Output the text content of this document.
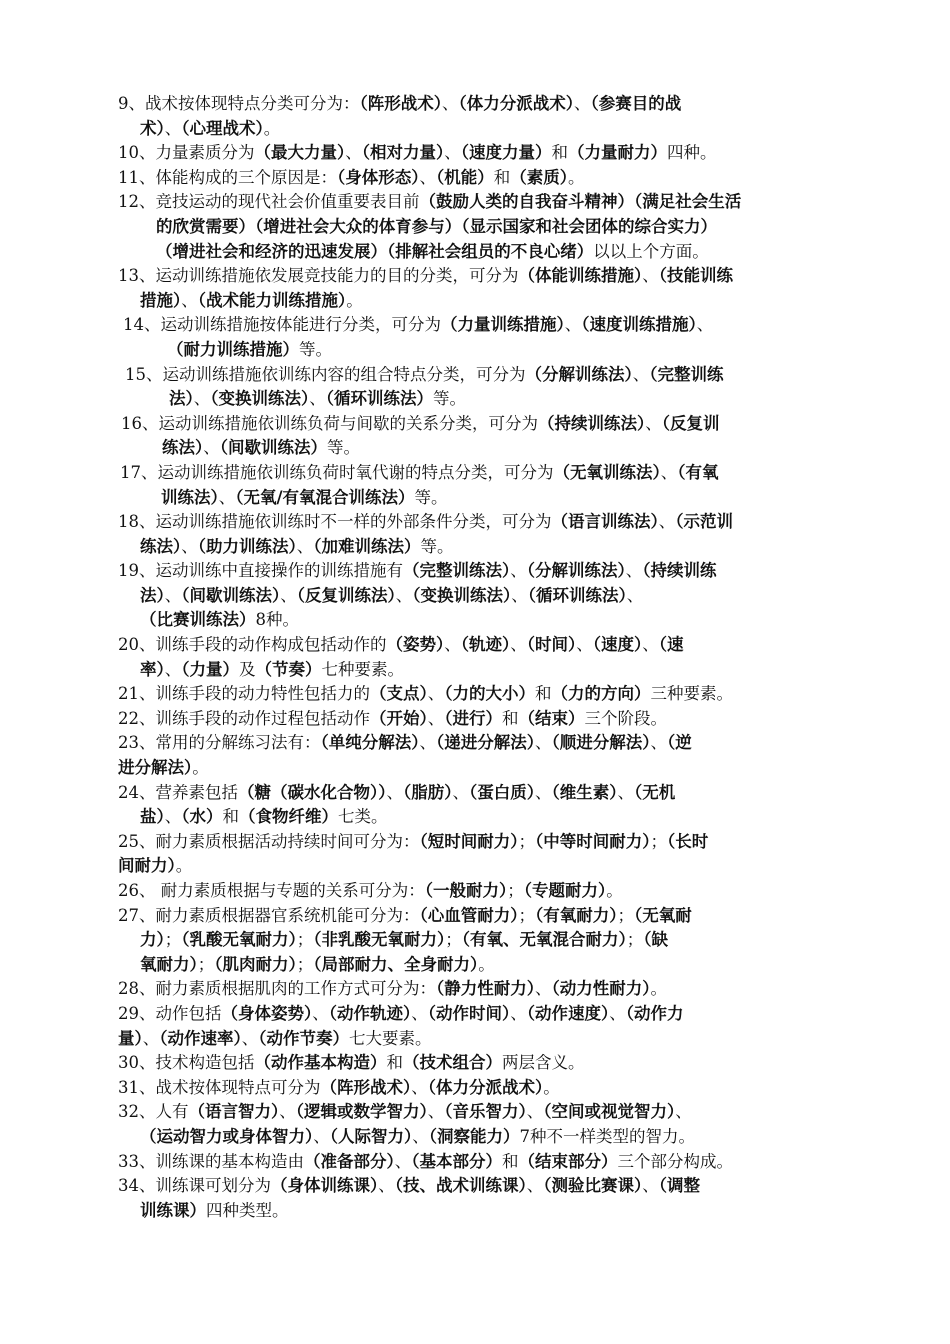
9、战术按体现特点分类可分为：（阵形战术）、（体力分派战术）、（参赛目的战
术）、（心理战术）。

10、力量素质分为（最大力量）、（相对力量）、（速度力量）和（力量耐力）四种。

11、体能构成的三个原因是：（身体形态）、（机能）和（素质）。

12、竞技运动的现代社会价值重要表目前（鼓励人类的自我奋斗精神）（满足社会生活
的欣赏需要）（增进社会大众的体育参与）（显示国家和社会团体的综合实力）
（增进社会和经济的迅速发展）（排解社会组员的不良心绪）以以上个方面。

13、运动训练措施依发展竞技能力的目的分类，可分为（体能训练措施）、（技能训练
措施）、（战术能力训练措施）。

14、运动训练措施按体能进行分类，可分为（力量训练措施）、（速度训练措施）、
（耐力训练措施）等。

15、运动训练措施依训练内容的组合特点分类，可分为（分解训练法）、（完整训练
法）、（变换训练法）、（循环训练法）等。

16、运动训练措施依训练负荷与间歇的关系分类，可分为（持续训练法）、（反复训
练法）、（间歇训练法）等。

17、运动训练措施依训练负荷时氧代谢的特点分类，可分为（无氧训练法）、（有氧
训练法）、（无氧/有氧混合训练法）等。

18、运动训练措施依训练时不一样的外部条件分类，可分为（语言训练法）、（示范训
练法）、（助力训练法）、（加难训练法）等。

19、运动训练中直接操作的训练措施有（完整训练法）、（分解训练法）、（持续训练
法）、（间歇训练法）、（反复训练法）、（变换训练法）、（循环训练法）、
（比赛训练法）8种。

20、训练手段的动作构成包括动作的（姿势）、（轨迹）、（时间）、（速度）、（速
率）、（力量）及（节奏）七种要素。

21、训练手段的动力特性包括力的（支点）、（力的大小）和（力的方向）三种要素。

22、训练手段的动作过程包括动作（开始）、（进行）和（结束）三个阶段。

23、常用的分解练习法有：（单纯分解法）、（递进分解法）、（顺进分解法）、（逆
进分解法）。

24、营养素包括（糖（碳水化合物））、（脂肪）、（蛋白质）、（维生素）、（无机
盐）、（水）和（食物纤维）七类。

25、耐力素质根据活动持续时间可分为：（短时间耐力）；（中等时间耐力）；（长时
间耐力）。

26、 耐力素质根据与专题的关系可分为：（一般耐力）；（专题耐力）。

27、耐力素质根据器官系统机能可分为：（心血管耐力）；（有氧耐力）；（无氧耐
力）；（乳酸无氧耐力）；（非乳酸无氧耐力）；（有氧、无氧混合耐力）；（缺
氧耐力）；（肌肉耐力）；（局部耐力、全身耐力）。

28、耐力素质根据肌肉的工作方式可分为：（静力性耐力）、（动力性耐力）。

29、动作包括（身体姿势）、（动作轨迹）、（动作时间）、（动作速度）、（动作力
量）、（动作速率）、（动作节奏）七大要素。

30、技术构造包括（动作基本构造）和（技术组合）两层含义。

31、战术按体现特点可分为（阵形战术）、（体力分派战术）。

32、人有（语言智力）、（逻辑或数学智力）、（音乐智力）、（空间或视觉智力）、
（运动智力或身体智力）、（人际智力）、（洞察能力）7种不一样类型的智力。

33、训练课的基本构造由（准备部分）、（基本部分）和（结束部分）三个部分构成。

34、训练课可划分为（身体训练课）、（技、战术训练课）、（测验比赛课）、（调整
训练课）四种类型。
